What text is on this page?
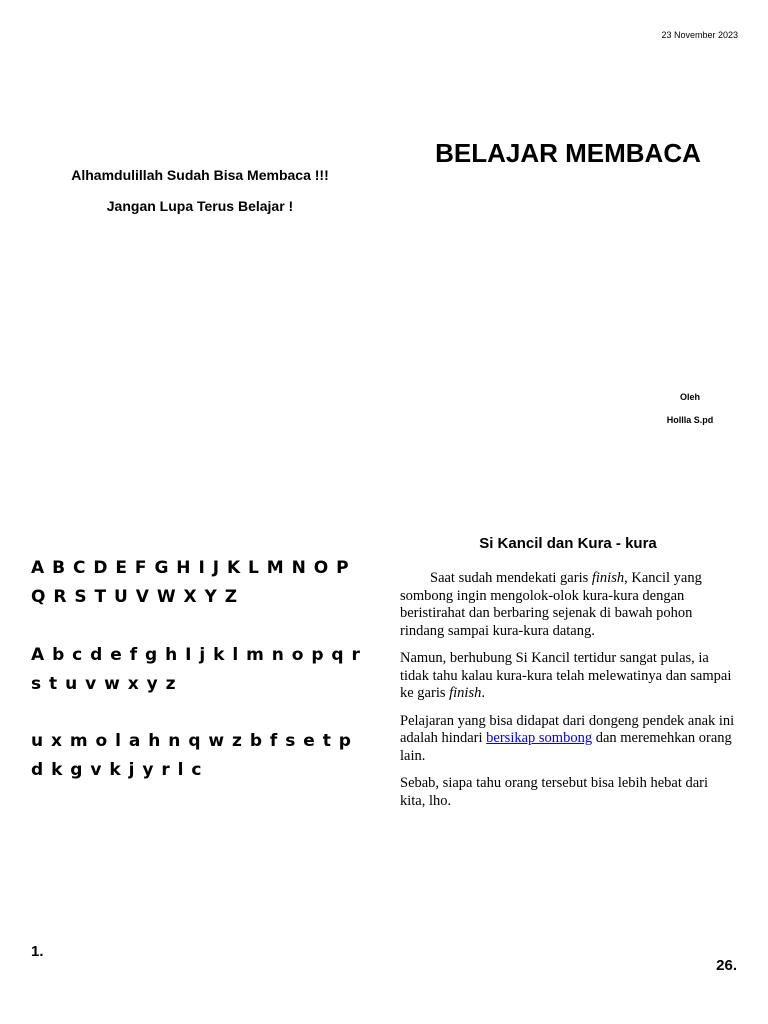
23 November 2023
BELAJAR MEMBACA
Alhamdulillah Sudah Bisa Membaca !!!
Jangan Lupa Terus Belajar !
Oleh
Hollla S.pd
A B C D E F G H I J K L M N O P Q R S T U V W X Y Z
A b c d e f g h I j k l m n o p q r s t u v w x y z
u x m o l a h n q w z b f s e t p d k g v k j y r l c
Si Kancil dan Kura - kura

Saat sudah mendekati garis finish, Kancil yang sombong ingin mengolok-olok kura-kura dengan beristirahat dan berbaring sejenak di bawah pohon rindang sampai kura-kura datang.

Namun, berhubung Si Kancil tertidur sangat pulas, ia tidak tahu kalau kura-kura telah melewatinya dan sampai ke garis finish.

Pelajaran yang bisa didapat dari dongeng pendek anak ini adalah hindari bersikap sombong dan meremehkan orang lain.

Sebab, siapa tahu orang tersebut bisa lebih hebat dari kita, lho.

1.
26.
